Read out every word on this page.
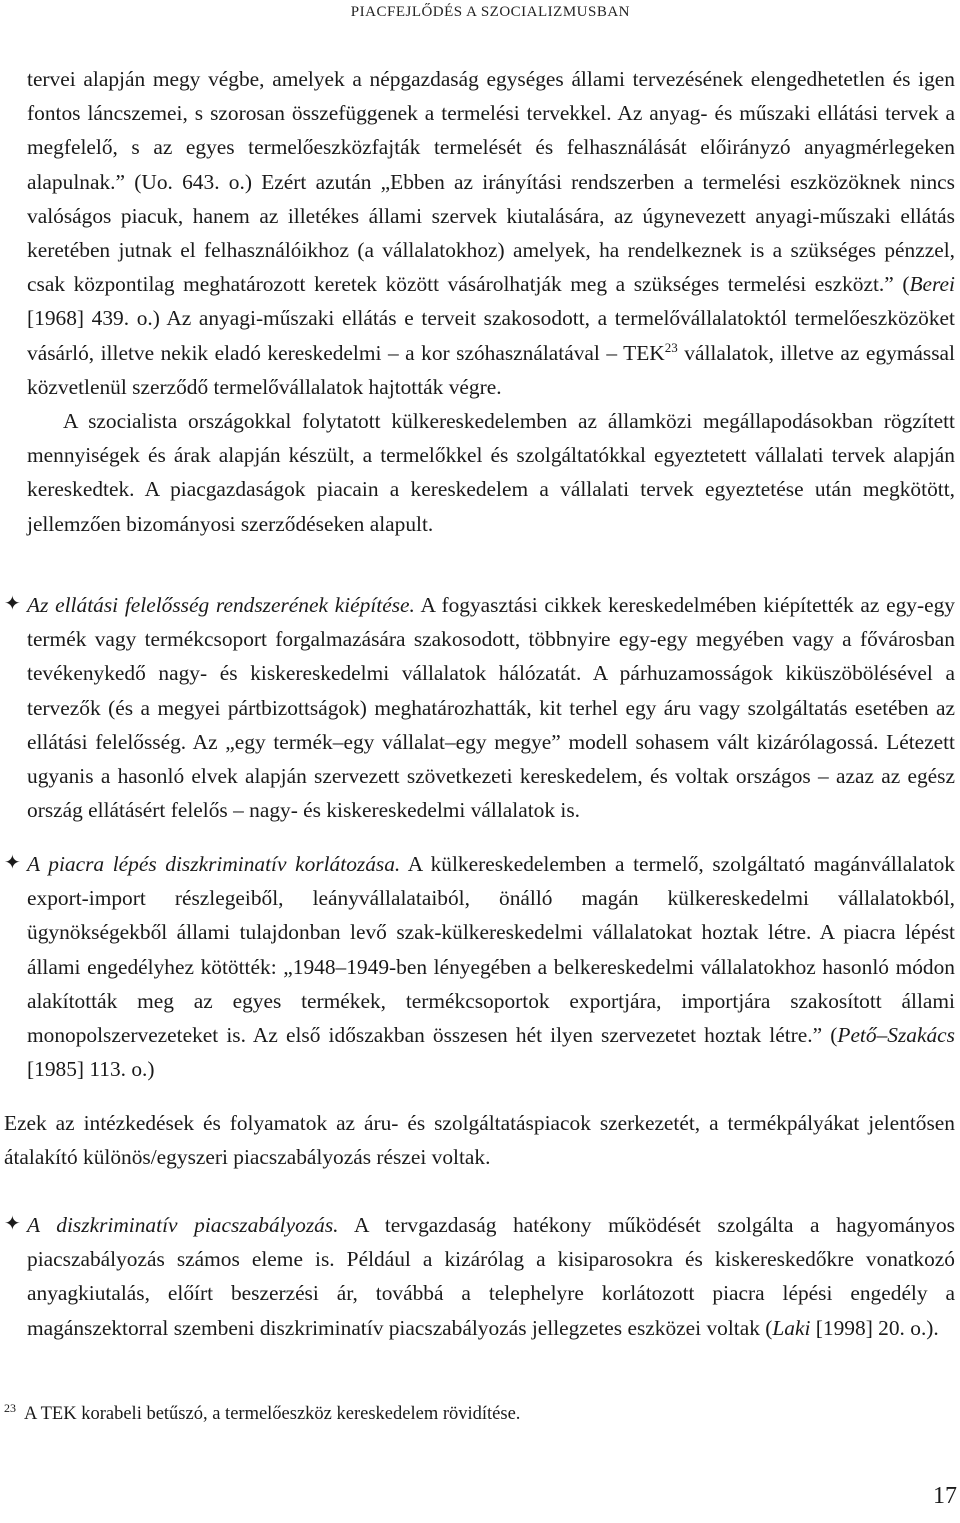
PIACFEJLŐDÉS A SZOCIALIZMUSBAN

tervei alapján megy végbe, amelyek a népgazdaság egységes állami tervezésének elengedhetetlen és igen fontos láncszemei, s szorosan összefüggenek a termelési tervekkel. Az anyag- és műszaki ellátási tervek a megfelelő, s az egyes termelőeszközfajták termelését és felhasználását előirányzó anyagmérlegeken alapulnak.” (Uo. 643. o.) Ezért azután „Ebben az irányítási rendszerben a termelési eszközöknek nincs valóságos piacuk, hanem az illetékes állami szervek kiutalására, az úgynevezett anyagi-műszaki ellátás keretében jutnak el felhasználóikhoz (a vállalatokhoz) amelyek, ha rendelkeznek is a szükséges pénzzel, csak központilag meghatározott keretek között vásárolhatják meg a szükséges termelési eszközt.” (Berei [1968] 439. o.) Az anyagi-műszaki ellátás e terveit szakosodott, a termelővállalatoktól termelőeszközöket vásárló, illetve nekik eladó kereskedelmi – a kor szóhasználatával – TEK$^{23}$ vállalatok, illetve az egymással közvetlenül szerződő termelővállalatok hajtották végre.

A szocialista országokkal folytatott külkereskedelemben az államközi megállapodásokban rögzített mennyiségek és árak alapján készült, a termelőkkel és szolgáltatókkal egyeztetett vállalati tervek alapján kereskedtek. A piacgazdaságok piacain a kereskedelem a vállalati tervek egyeztetése után megkötött, jellemzően bizományosi szerződéseken alapult.

✦ Az ellátási felelősség rendszerének kiépítése. A fogyasztási cikkek kereskedelmében kiépítették az egy-egy termék vagy termékcsoport forgalmazására szakosodott, többnyire egy-egy megyében vagy a fővárosban tevékenykedő nagy- és kiskereskedelmi vállalatok hálózatát. A párhuzamosságok kiküszöbölésével a tervezők (és a megyei pártbizottságok) meghatározhatták, kit terhel egy áru vagy szolgáltatás esetében az ellátási felelősség. Az „egy termék–egy vállalat–egy megye” modell sohasem vált kizárólagossá. Létezett ugyanis a hasonló elvek alapján szervezett szövetkezeti kereskedelem, és voltak országos – azaz az egész ország ellátásért felelős – nagy- és kiskereskedelmi vállalatok is.

✦ A piacra lépés diszkriminatív korlátozása. A külkereskedelemben a termelő, szolgáltató magánvállalatok export-import részlegeiből, leányvállalataiból, önálló magán külkereskedelmi vállalatokból, ügynökségekből állami tulajdonban levő szak-külkereskedelmi vállalatokat hoztak létre. A piacra lépést állami engedélyhez kötötték: „1948–1949-ben lényegében a belkereskedelmi vállalatokhoz hasonló módon alakították meg az egyes termékek, termékcsoportok exportjára, importjára szakosított állami monopolszervezeteket is. Az első időszakban összesen hét ilyen szervezetet hoztak létre.” (Pető–Szakács [1985] 113. o.)

Ezek az intézkedések és folyamatok az áru- és szolgáltatáspiacok szerkezetét, a termékpályákat jelentősen átalakító különös/egyszeri piacszabályozás részei voltak.

✦ A diszkriminatív piacszabályozás. A tervgazdaság hatékony működését szolgálta a hagyományos piacszabályozás számos eleme is. Például a kizárólag a kisiparosokra és kiskereskedőkre vonatkozó anyagkiutalás, előírt beszerzési ár, továbbá a telephelyre korlátozott piacra lépési engedély a magánszektorral szembeni diszkriminatív piacszabályozás jellegzetes eszközei voltak (Laki [1998] 20. o.).

$^{23}$ A TEK korabeli betűszó, a termelőeszköz kereskedelem rövidítése.
17
